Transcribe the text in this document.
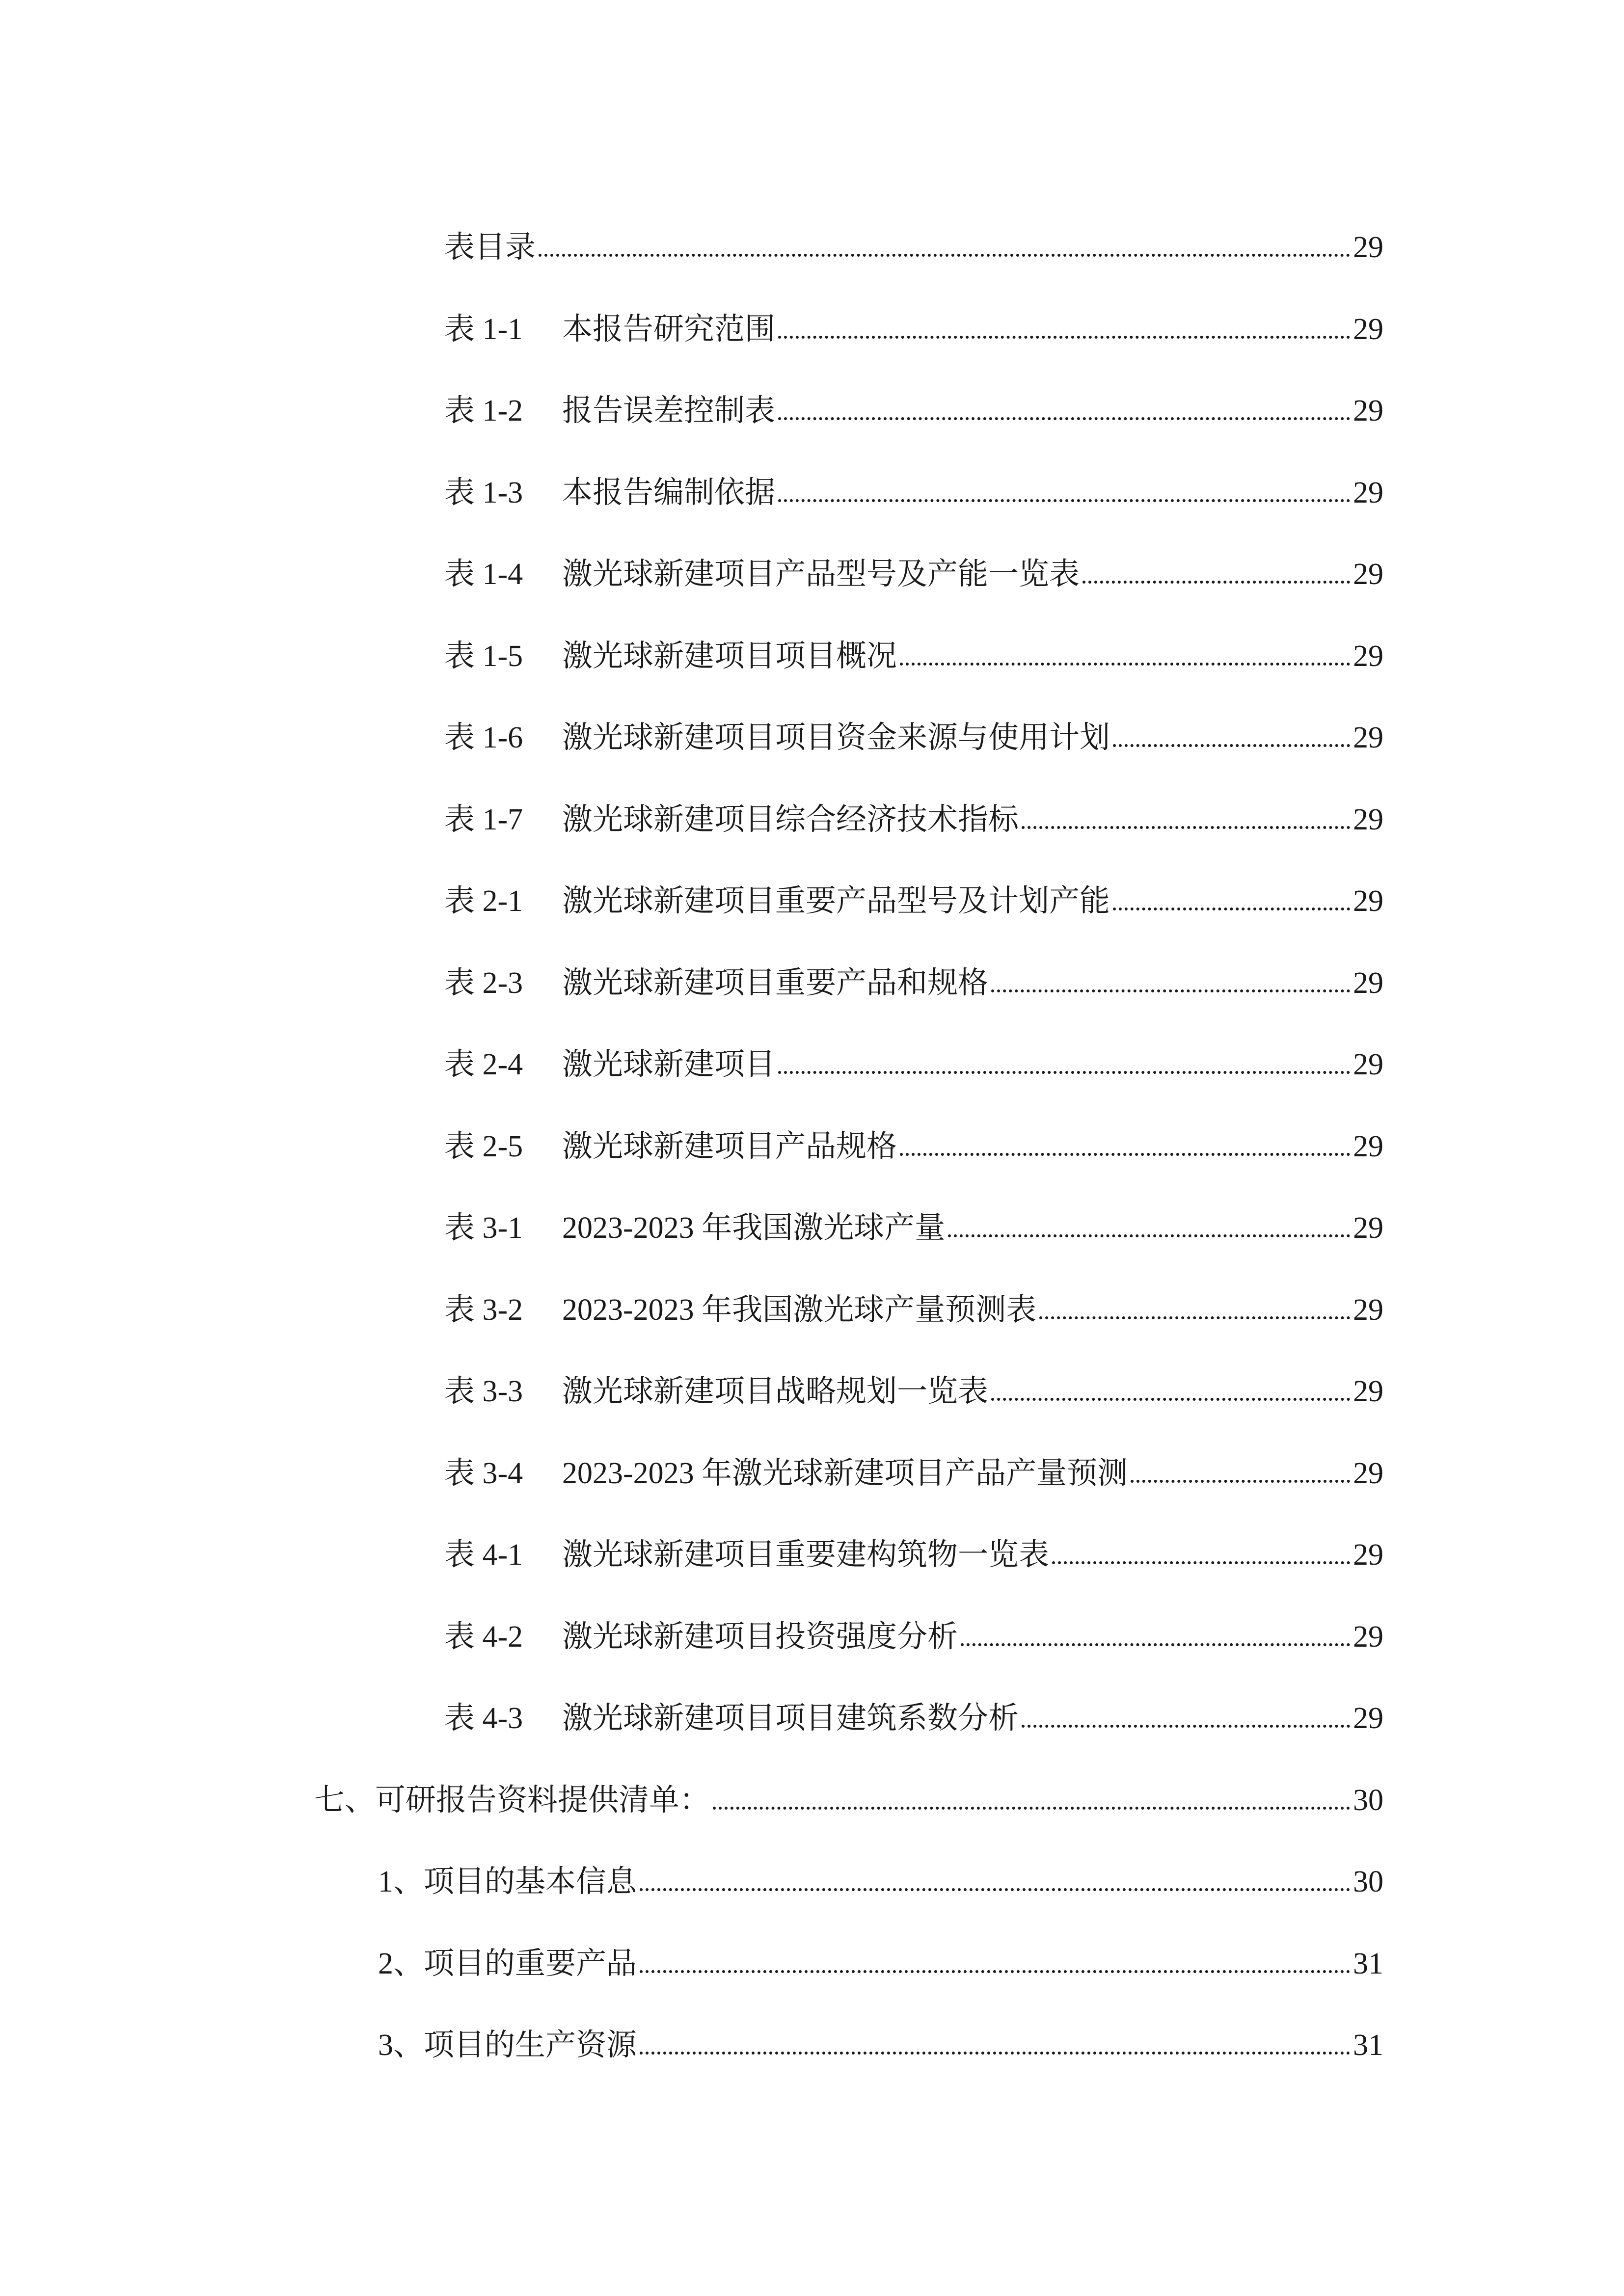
表目录	29
表 1-1	本报告研究范围	29
表 1-2	报告误差控制表	29
表 1-3	本报告编制依据	29
表 1-4	激光球新建项目产品型号及产能一览表	29
表 1-5	激光球新建项目项目概况	29
表 1-6	激光球新建项目项目资金来源与使用计划	29
表 1-7	激光球新建项目综合经济技术指标	29
表 2-1	激光球新建项目重要产品型号及计划产能	29
表 2-3	激光球新建项目重要产品和规格	29
表 2-4	激光球新建项目	29
表 2-5	激光球新建项目产品规格	29
表 3-1	2023-2023 年我国激光球产量	29
表 3-2	2023-2023 年我国激光球产量预测表	29
表 3-3	激光球新建项目战略规划一览表	29
表 3-4	2023-2023 年激光球新建项目产品产量预测	29
表 4-1	激光球新建项目重要建构筑物一览表	29
表 4-2	激光球新建项目投资强度分析	29
表 4-3	激光球新建项目项目建筑系数分析	29
七、可研报告资料提供清单：	30
1、项目的基本信息	30
2、项目的重要产品	31
3、项目的生产资源	31
